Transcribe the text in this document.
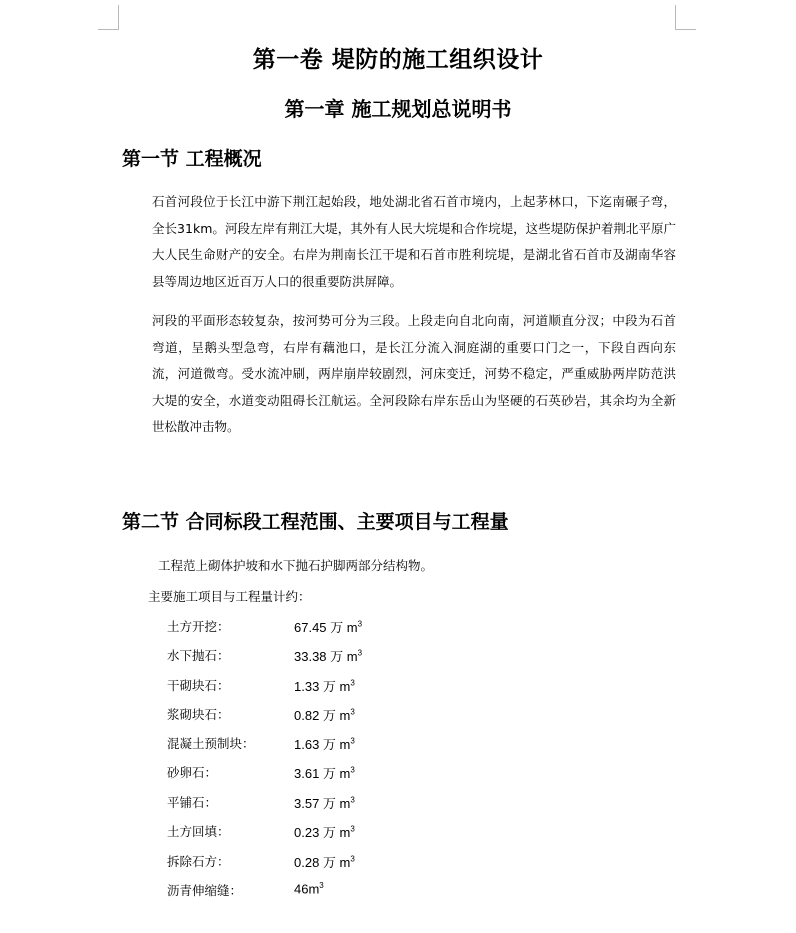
第一卷 堤防的施工组织设计
第一章 施工规划总说明书
第一节 工程概况
石首河段位于长江中游下荆江起始段，地处湖北省石首市境内，上起茅林口，下迄南碾子弯，全长31km。河段左岸有荆江大堤，其外有人民大垸堤和合作垸堤，这些堤防保护着荆北平原广大人民生命财产的安全。右岸为荆南长江干堤和石首市胜利垸堤，是湖北省石首市及湖南华容县等周边地区近百万人口的很重要防洪屏障。
河段的平面形态较复杂，按河势可分为三段。上段走向自北向南，河道顺直分汊；中段为石首弯道，呈鹅头型急弯，右岸有藕池口，是长江分流入洞庭湖的重要口门之一，下段自西向东流，河道微弯。受水流冲刷，两岸崩岸较剧烈，河床变迁，河势不稳定，严重威胁两岸防范洪大堤的安全，水道变动阻碍长江航运。全河段除右岸东岳山为坚硬的石英砂岩，其余均为全新世松散冲击物。
第二节 合同标段工程范围、主要项目与工程量
工程范上砌体护坡和水下抛石护脚两部分结构物。
主要施工项目与工程量计约：
土方开挖：	67.45 万 $m^3$
水下抛石：	33.38 万 $m^3$
干砌块石：	1.33 万 $m^3$
浆砌块石：	0.82 万 $m^3$
混凝土预制块：	1.63 万 $m^3$
砂卵石：	3.61 万 $m^3$
平铺石：	3.57 万 $m^3$
土方回填：	0.23 万 $m^3$
拆除石方：	0.28 万 $m^3$
沥青伸缩缝：	$46m^3$
